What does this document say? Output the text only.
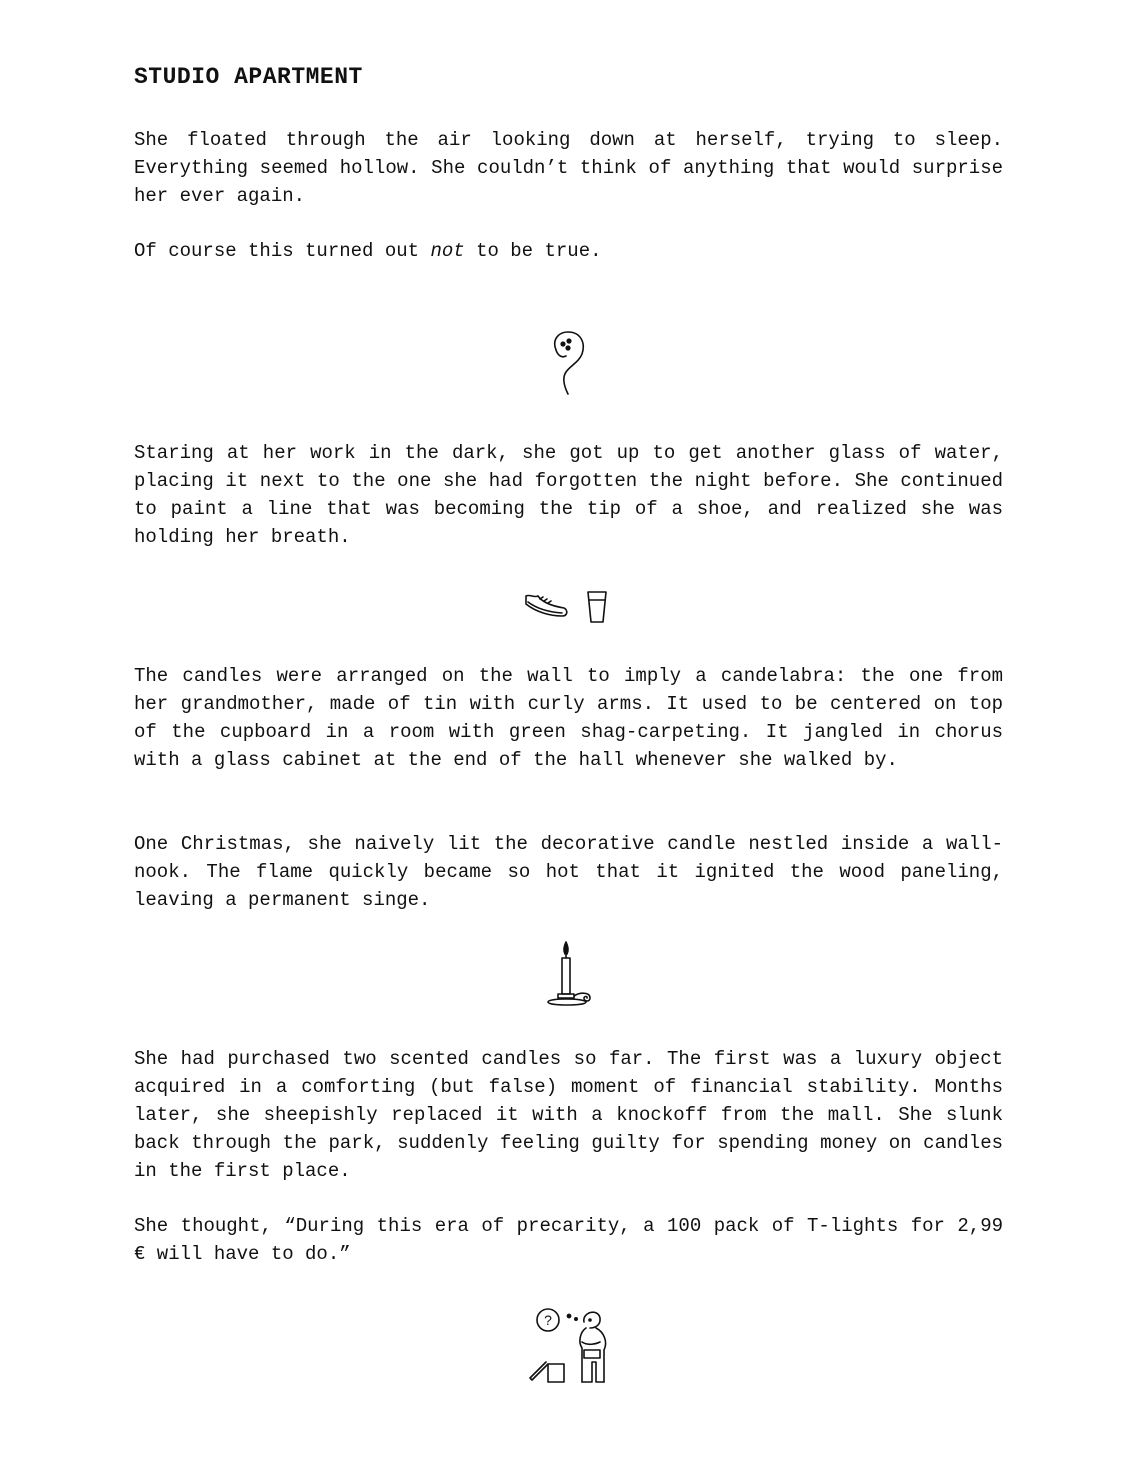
STUDIO APARTMENT

She floated through the air looking down at herself, trying to sleep. Everything seemed hollow. She couldn’t think of anything that would surprise her ever again.

Of course this turned out not to be true.

Staring at her work in the dark, she got up to get another glass of water, placing it next to the one she had forgotten the night before. She continued to paint a line that was becoming the tip of a shoe, and realized she was holding her breath.

The candles were arranged on the wall to imply a candelabra: the one from her grandmother, made of tin with curly arms. It used to be centered on top of the cupboard in a room with green shag-carpeting. It jangled in chorus with a glass cabinet at the end of the hall whenever she walked by.

One Christmas, she naively lit the decorative candle nestled inside a wall-nook. The flame quickly became so hot that it ignited the wood paneling, leaving a permanent singe.

She had purchased two scented candles so far. The first was a luxury object acquired in a comforting (but false) moment of financial stability. Months later, she sheepishly replaced it with a knockoff from the mall. She slunk back through the park, suddenly feeling guilty for spending money on candles in the first place.

She thought, “During this era of precarity, a 100 pack of T-lights for 2,99 € will have to do.”

?
